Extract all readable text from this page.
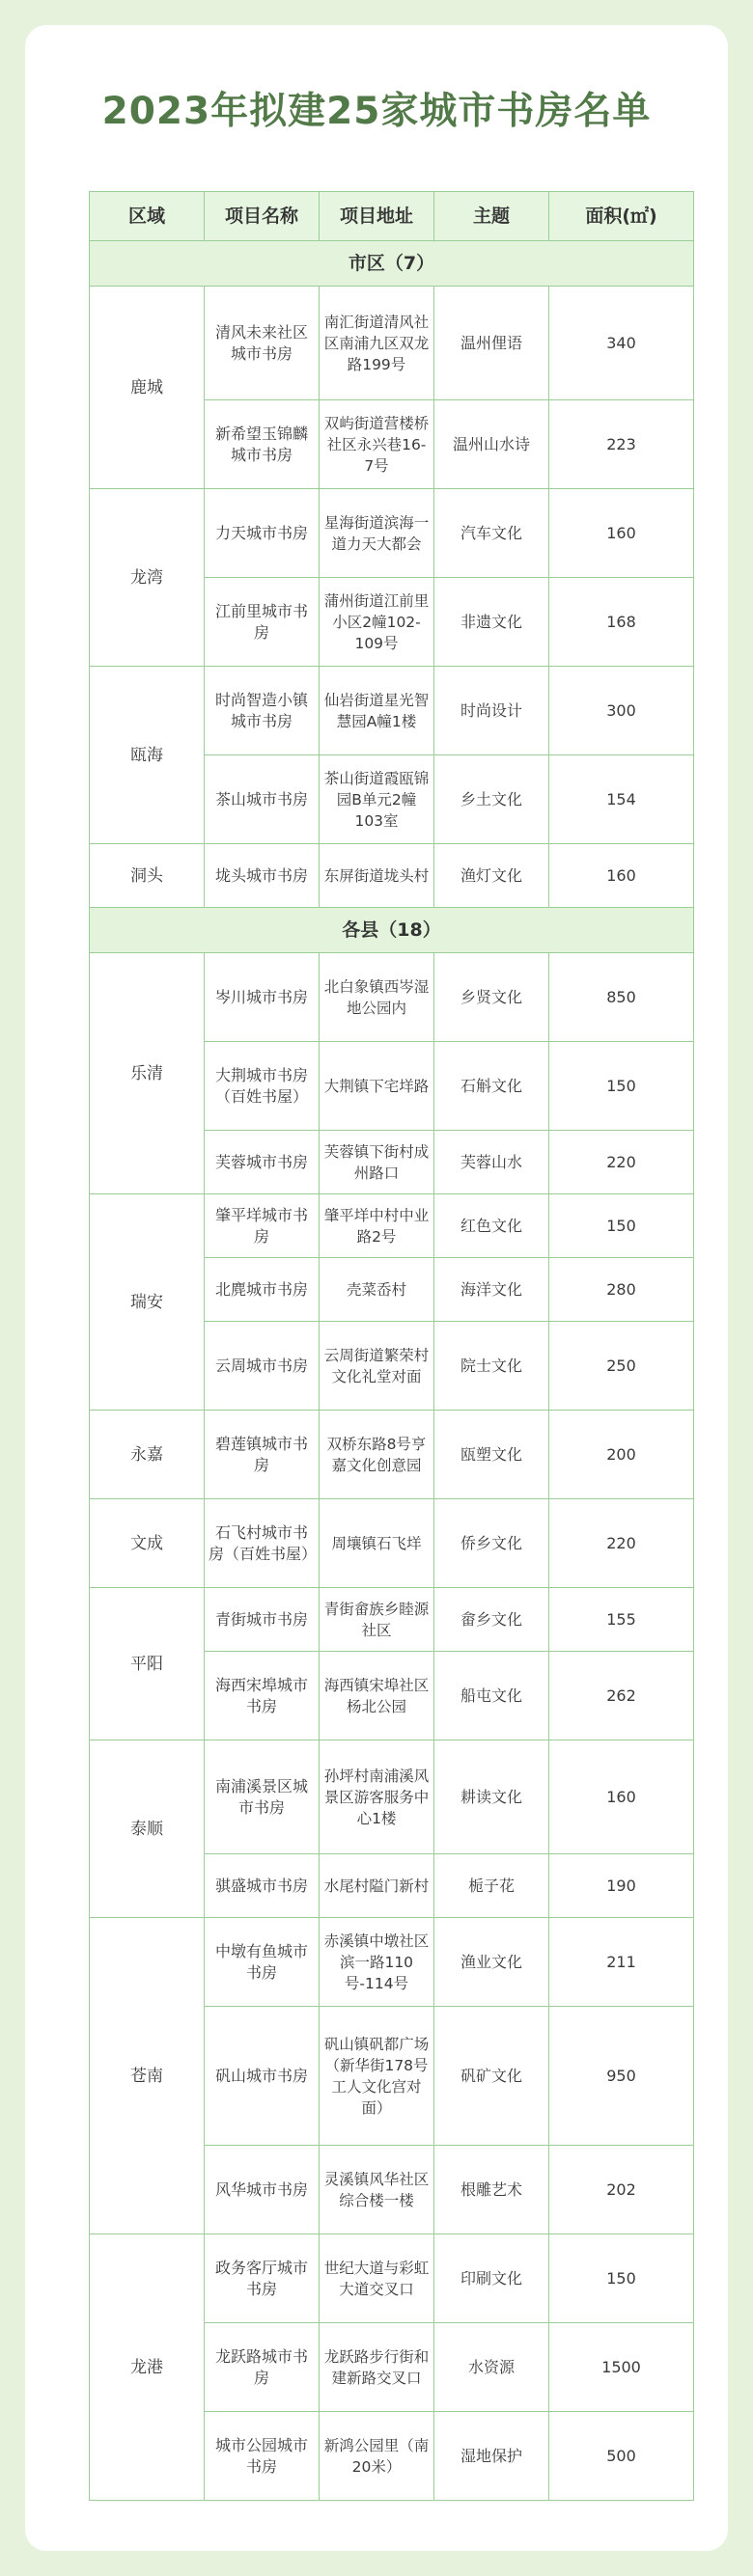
2023年拟建25家城市书房名单
区域	项目名称	项目地址	主题	面积(㎡)
市区（7）				
鹿城	清风未来社区城市书房	南汇街道清风社区南浦九区双龙路199号	温州俚语	340
	新希望玉锦麟城市书房	双屿街道营楼桥社区永兴巷16-7号	温州山水诗	223
龙湾	力天城市书房	星海街道滨海一道力天大都会	汽车文化	160
	江前里城市书房	蒲州街道江前里小区2幢102-109号	非遗文化	168
瓯海	时尚智造小镇城市书房	仙岩街道星光智慧园A幢1楼	时尚设计	300
	茶山城市书房	茶山街道霞瓯锦园B单元2幢103室	乡土文化	154
洞头	垅头城市书房	东屏街道垅头村	渔灯文化	160
各县（18）				
乐清	岑川城市书房	北白象镇西岑湿地公园内	乡贤文化	850
	大荆城市书房（百姓书屋）	大荆镇下宅垟路	石斛文化	150
	芙蓉城市书房	芙蓉镇下街村成州路口	芙蓉山水	220
瑞安	肇平垟城市书房	肇平垟中村中业路2号	红色文化	150
	北麂城市书房	壳菜岙村	海洋文化	280
	云周城市书房	云周街道繁荣村文化礼堂对面	院士文化	250
永嘉	碧莲镇城市书房	双桥东路8号亨嘉文化创意园	瓯塑文化	200
文成	石飞村城市书房（百姓书屋）	周壤镇石飞垟	侨乡文化	220
平阳	青街城市书房	青街畲族乡睦源社区	畲乡文化	155
	海西宋埠城市书房	海西镇宋埠社区杨北公园	船屯文化	262
泰顺	南浦溪景区城市书房	孙坪村南浦溪风景区游客服务中心1楼	耕读文化	160
	骐盛城市书房	水尾村隘门新村	栀子花	190
苍南	中墩有鱼城市书房	赤溪镇中墩社区滨一路110号-114号	渔业文化	211
	矾山城市书房	矾山镇矾都广场（新华街178号工人文化宫对面）	矾矿文化	950
	风华城市书房	灵溪镇风华社区综合楼一楼	根雕艺术	202
龙港	政务客厅城市书房	世纪大道与彩虹大道交叉口	印刷文化	150
	龙跃路城市书房	龙跃路步行街和建新路交叉口	水资源	1500
	城市公园城市书房	新鸿公园里（南20米）	湿地保护	500
